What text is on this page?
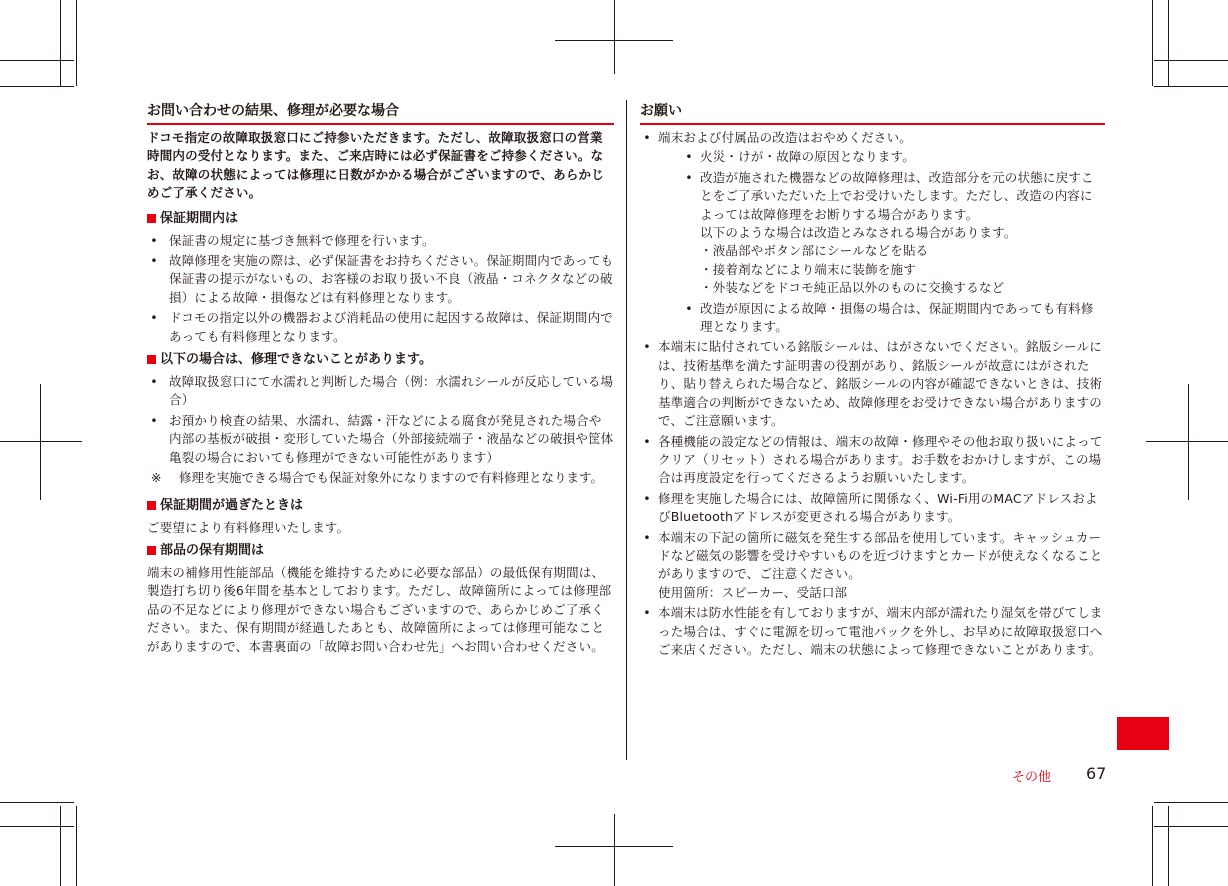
お問い合わせの結果、修理が必要な場合

ドコモ指定の故障取扱窓口にご持参いただきます。ただし、故障取扱窓口の営業時間内の受付となります。また、ご来店時には必ず保証書をご持参ください。なお、故障の状態によっては修理に日数がかかる場合がございますので、あらかじめご了承ください。

保証期間内は
• 保証書の規定に基づき無料で修理を行います。
• 故障修理を実施の際は、必ず保証書をお持ちください。保証期間内であっても保証書の提示がないもの、お客様のお取り扱い不良（液晶・コネクタなどの破損）による故障・損傷などは有料修理となります。
• ドコモの指定以外の機器および消耗品の使用に起因する故障は、保証期間内であっても有料修理となります。
以下の場合は、修理できないことがあります。
• 故障取扱窓口にて水濡れと判断した場合（例：水濡れシールが反応している場合）
• お預かり検査の結果、水濡れ、結露・汗などによる腐食が発見された場合や内部の基板が破損・変形していた場合（外部接続端子・液晶などの破損や筐体亀裂の場合においても修理ができない可能性があります）
※ 修理を実施できる場合でも保証対象外になりますので有料修理となります。
保証期間が過ぎたときは

ご要望により有料修理いたします。

部品の保有期間は

端末の補修用性能部品（機能を維持するために必要な部品）の最低保有期間は、製造打ち切り後6年間を基本としております。ただし、故障箇所によっては修理部品の不足などにより修理ができない場合もございますので、あらかじめご了承ください。また、保有期間が経過したあとも、故障箇所によっては修理可能なことがありますので、本書裏面の「故障お問い合わせ先」へお問い合わせください。

お願い
• 端末および付属品の改造はおやめください。
• 火災・けが・故障の原因となります。
• 改造が施された機器などの故障修理は、改造部分を元の状態に戻すことをご了承いただいた上でお受けいたします。ただし、改造の内容によっては故障修理をお断りする場合があります。
以下のような場合は改造とみなされる場合があります。
・液晶部やボタン部にシールなどを貼る
・接着剤などにより端末に装飾を施す
・外装などをドコモ純正品以外のものに交換するなど
• 改造が原因による故障・損傷の場合は、保証期間内であっても有料修理となります。
• 本端末に貼付されている銘版シールは、はがさないでください。銘版シールには、技術基準を満たす証明書の役割があり、銘版シールが故意にはがされたり、貼り替えられた場合など、銘版シールの内容が確認できないときは、技術基準適合の判断ができないため、故障修理をお受けできない場合がありますので、ご注意願います。
• 各種機能の設定などの情報は、端末の故障・修理やその他お取り扱いによってクリア（リセット）される場合があります。お手数をおかけしますが、この場合は再度設定を行ってくださるようお願いいたします。
• 修理を実施した場合には、故障箇所に関係なく、Wi-Fi用のMACアドレスおよびBluetoothアドレスが変更される場合があります。
• 本端末の下記の箇所に磁気を発生する部品を使用しています。キャッシュカードなど磁気の影響を受けやすいものを近づけますとカードが使えなくなることがありますので、ご注意ください。
使用箇所：スピーカー、受話口部
• 本端末は防水性能を有しておりますが、端末内部が濡れたり湿気を帯びてしまった場合は、すぐに電源を切って電池パックを外し、お早めに故障取扱窓口へご来店ください。ただし、端末の状態によって修理できないことがあります。
その他 67
